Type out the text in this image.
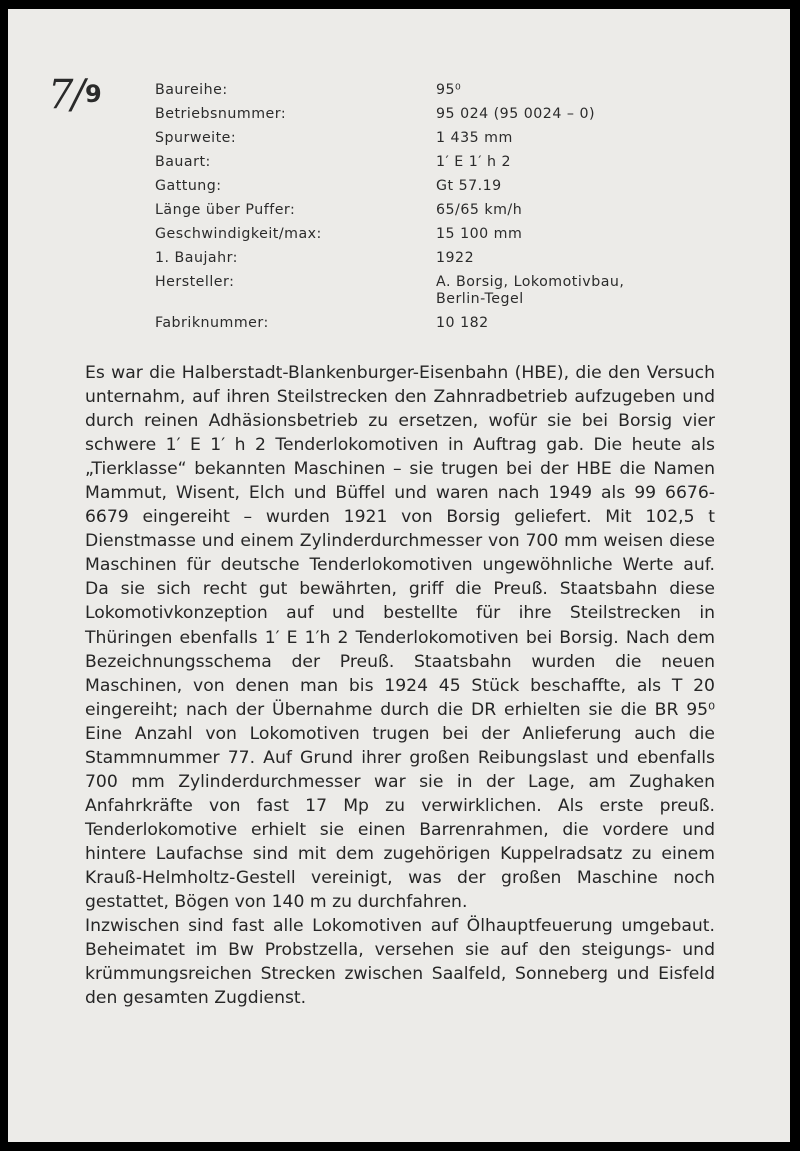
7/9	Baureihe:	95⁰
Betriebsnummer:	95 024 (95 0024 – 0)
Spurweite:	1 435 mm
Bauart:	1′ E 1′ h 2
Gattung:	Gt 57.19
Länge über Puffer:	65/65 km/h
Geschwindigkeit/max:	15 100 mm
1. Baujahr:	1922
Hersteller:	A. Borsig, Lokomotivbau,
Berlin-Tegel
Fabriknummer:	10 182

Es war die Halberstadt-Blankenburger-Eisenbahn (HBE), die den Versuch unternahm, auf ihren Steilstrecken den Zahnradbetrieb aufzugeben und durch reinen Adhäsionsbetrieb zu ersetzen, wofür sie bei Borsig vier schwere 1′ E 1′ h 2 Tenderlokomotiven in Auftrag gab. Die heute als „Tierklasse“ bekannten Maschinen – sie trugen bei der HBE die Namen Mammut, Wisent, Elch und Büffel und waren nach 1949 als 99 6676-6679 eingereiht – wurden 1921 von Borsig geliefert. Mit 102,5 t Dienstmasse und einem Zylinderdurchmesser von 700 mm weisen diese Maschinen für deutsche Tenderlokomotiven ungewöhnliche Werte auf. Da sie sich recht gut bewährten, griff die Preuß. Staatsbahn diese Lokomotivkonzeption auf und bestellte für ihre Steilstrecken in Thüringen ebenfalls 1′ E 1′h 2 Tenderlokomotiven bei Borsig. Nach dem Bezeichnungsschema der Preuß. Staatsbahn wurden die neuen Maschinen, von denen man bis 1924 45 Stück beschaffte, als T 20 eingereiht; nach der Übernahme durch die DR erhielten sie die BR 95⁰ Eine Anzahl von Lokomotiven trugen bei der Anlieferung auch die Stammnummer 77. Auf Grund ihrer großen Reibungslast und ebenfalls 700 mm Zylinderdurchmesser war sie in der Lage, am Zughaken Anfahrkräfte von fast 17 Mp zu verwirklichen. Als erste preuß. Tenderlokomotive erhielt sie einen Barrenrahmen, die vordere und hintere Laufachse sind mit dem zugehörigen Kuppelradsatz zu einem Krauß-Helmholtz-Gestell vereinigt, was der großen Maschine noch gestattet, Bögen von 140 m zu durchfahren.

Inzwischen sind fast alle Lokomotiven auf Ölhauptfeuerung umgebaut. Beheimatet im Bw Probstzella, versehen sie auf den steigungs- und krümmungsreichen Strecken zwischen Saalfeld, Sonneberg und Eisfeld den gesamten Zugdienst.
